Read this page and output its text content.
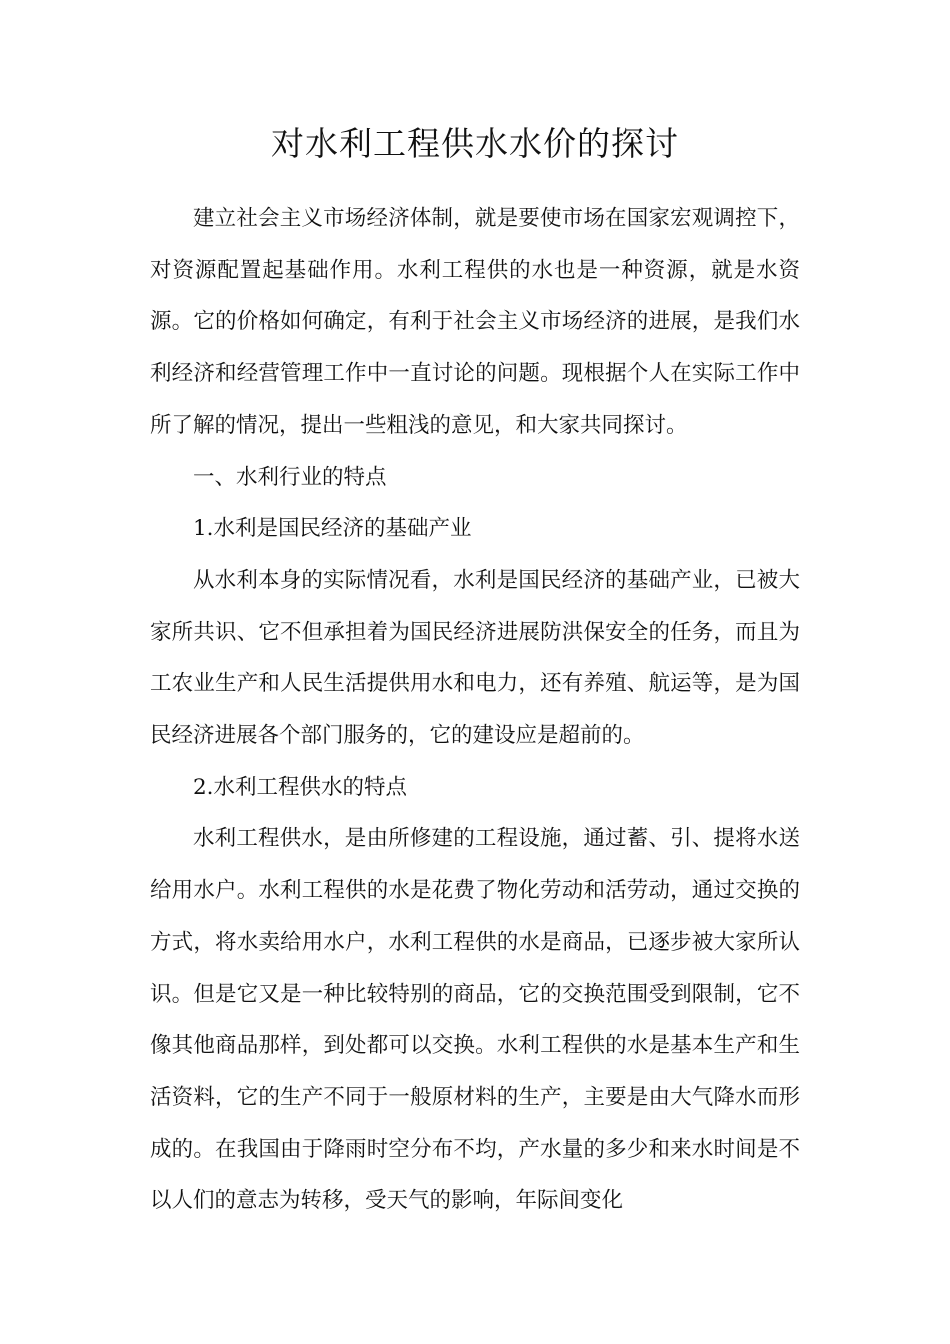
对水利工程供水水价的探讨

建立社会主义市场经济体制，就是要使市场在国家宏观调控下，对资源配置起基础作用。水利工程供的水也是一种资源，就是水资源。它的价格如何确定，有利于社会主义市场经济的进展，是我们水利经济和经营管理工作中一直讨论的问题。现根据个人在实际工作中所了解的情况，提出一些粗浅的意见，和大家共同探讨。

一、水利行业的特点

1.水利是国民经济的基础产业

从水利本身的实际情况看，水利是国民经济的基础产业，已被大家所共识、它不但承担着为国民经济进展防洪保安全的任务，而且为工农业生产和人民生活提供用水和电力，还有养殖、航运等，是为国民经济进展各个部门服务的，它的建设应是超前的。

2.水利工程供水的特点

水利工程供水，是由所修建的工程设施，通过蓄、引、提将水送给用水户。水利工程供的水是花费了物化劳动和活劳动，通过交换的方式，将水卖给用水户，水利工程供的水是商品，已逐步被大家所认识。但是它又是一种比较特别的商品，它的交换范围受到限制，它不像其他商品那样，到处都可以交换。水利工程供的水是基本生产和生活资料，它的生产不同于一般原材料的生产，主要是由大气降水而形成的。在我国由于降雨时空分布不均，产水量的多少和来水时间是不以人们的意志为转移，受天气的影响，年际间变化
